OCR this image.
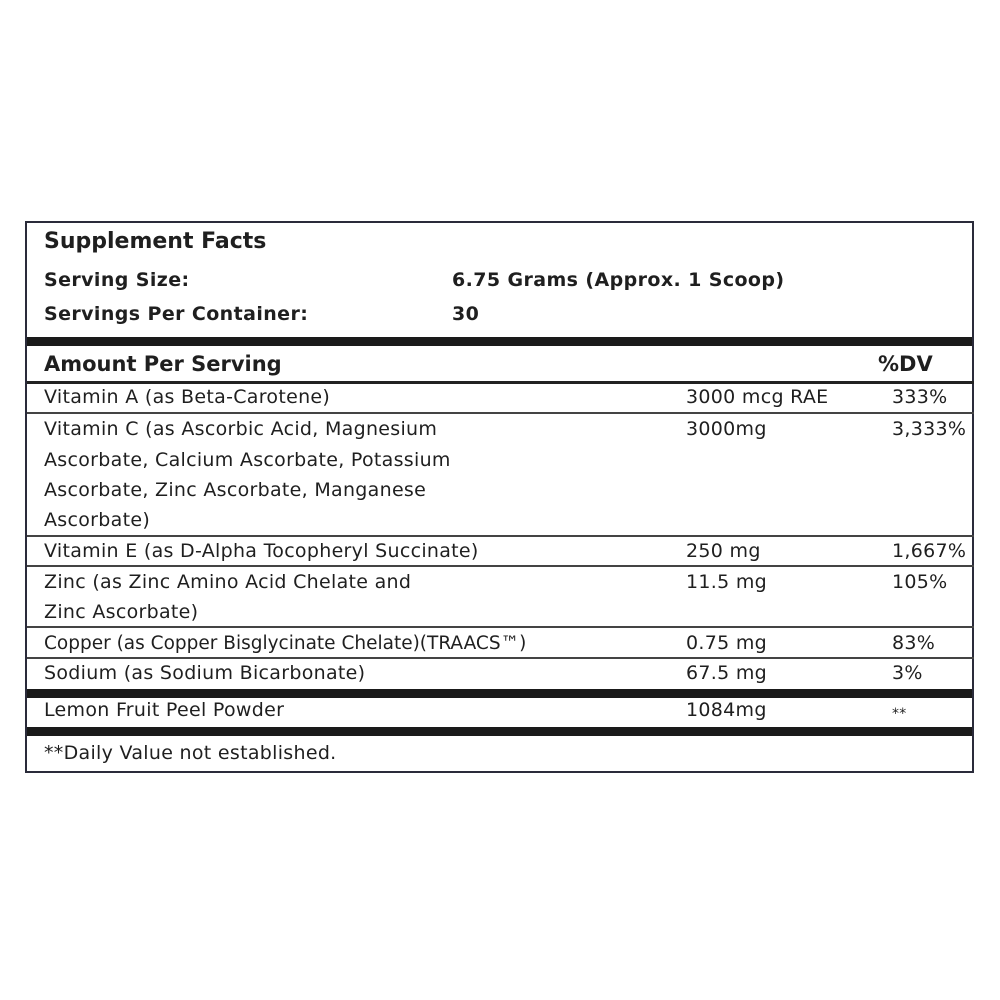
Supplement Facts
Serving Size:	6.75 Grams (Approx. 1 Scoop)
Servings Per Container:	30
Amount Per Serving	%DV
Vitamin A (as Beta-Carotene)	3000 mcg RAE	333%
Vitamin C (as Ascorbic Acid, Magnesium
Ascorbate, Calcium Ascorbate, Potassium
Ascorbate, Zinc Ascorbate, Manganese
Ascorbate)
3000mg	3,333%
Vitamin E (as D-Alpha Tocopheryl Succinate)	250 mg	1,667%
Zinc (as Zinc Amino Acid Chelate and
Zinc Ascorbate)
11.5 mg	105%
Copper (as Copper Bisglycinate Chelate)(TRAACS™)	0.75 mg	83%
Sodium (as Sodium Bicarbonate)	67.5 mg	3%
Lemon Fruit Peel Powder	1084mg	**
**Daily Value not established.
